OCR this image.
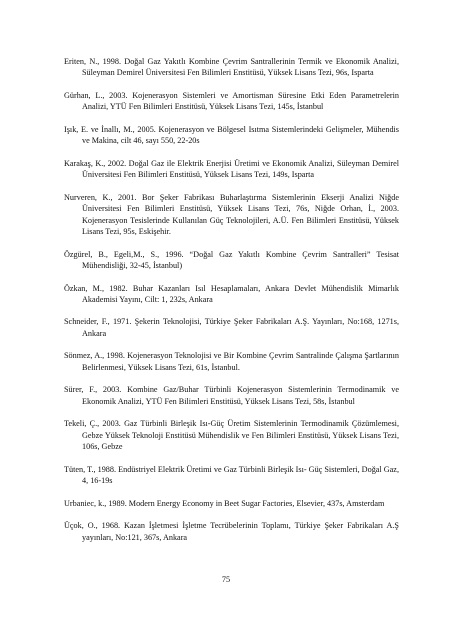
Eriten, N., 1998. Doğal Gaz Yakıtlı Kombine Çevrim Santrallerinin Termik ve Ekonomik Analizi, Süleyman Demirel Üniversitesi Fen Bilimleri Enstitüsü, Yüksek Lisans Tezi, 96s, Isparta

Gürhan, L., 2003. Kojenerasyon Sistemleri ve Amortisman Süresine Etki Eden Parametrelerin Analizi, YTÜ Fen Bilimleri Enstitüsü, Yüksek Lisans Tezi, 145s, İstanbul

Işık, E. ve İnallı, M., 2005. Kojenerasyon ve Bölgesel Isıtma Sistemlerindeki Gelişmeler, Mühendis ve Makina, cilt 46, sayı 550, 22-20s

Karakaş, K., 2002. Doğal Gaz ile Elektrik Enerjisi Üretimi ve Ekonomik Analizi, Süleyman Demirel Üniversitesi Fen Bilimleri Enstitüsü, Yüksek Lisans Tezi, 149s, Isparta

Nurveren, K., 2001. Bor Şeker Fabrikası Buharlaştırma Sistemlerinin Ekserji Analizi Niğde Üniversitesi Fen Bilimleri Enstitüsü, Yüksek Lisans Tezi, 76s, Niğde Orhan, İ., 2003. Kojenerasyon Tesislerinde Kullanılan Güç Teknolojileri, A.Ü. Fen Bilimleri Enstitüsü, Yüksek Lisans Tezi, 95s, Eskişehir.

Özgürel, B., Egeli,M., S., 1996. “Doğal Gaz Yakıtlı Kombine Çevrim Santralleri” Tesisat Mühendisliği, 32-45, İstanbul)

Özkan, M., 1982. Buhar Kazanları Isıl Hesaplamaları, Ankara Devlet Mühendislik Mimarlık Akademisi Yayını, Cilt: 1, 232s, Ankara

Schneider, F., 1971. Şekerin Teknolojisi, Türkiye Şeker Fabrikaları A.Ş. Yayınları, No:168, 1271s, Ankara

Sönmez, A., 1998. Kojenerasyon Teknolojisi ve Bir Kombine Çevrim Santralinde Çalışma Şartlarının Belirlenmesi, Yüksek Lisans Tezi, 61s, İstanbul.

Sürer, F., 2003. Kombine Gaz/Buhar Türbinli Kojenerasyon Sistemlerinin Termodinamik ve Ekonomik Analizi, YTÜ Fen Bilimleri Enstitüsü, Yüksek Lisans Tezi, 58s, İstanbul

Tekeli, Ç., 2003. Gaz Türbinli Birleşik Isı-Güç Üretim Sistemlerinin Termodinamik Çözümlemesi, Gebze Yüksek Teknoloji Enstitüsü Mühendislik ve Fen Bilimleri Enstitüsü, Yüksek Lisans Tezi, 106s, Gebze

Tüten, T., 1988. Endüstriyel Elektrik Üretimi ve Gaz Türbinli Birleşik Isı- Güç Sistemleri, Doğal Gaz, 4, 16-19s

Urbaniec, k., 1989. Modern Energy Economy in Beet Sugar Factories, Elsevier, 437s, Amsterdam

Üçok, O., 1968. Kazan İşletmesi İşletme Tecrübelerinin Toplamı, Türkiye Şeker Fabrikaları A.Ş yayınları, No:121, 367s, Ankara

75
